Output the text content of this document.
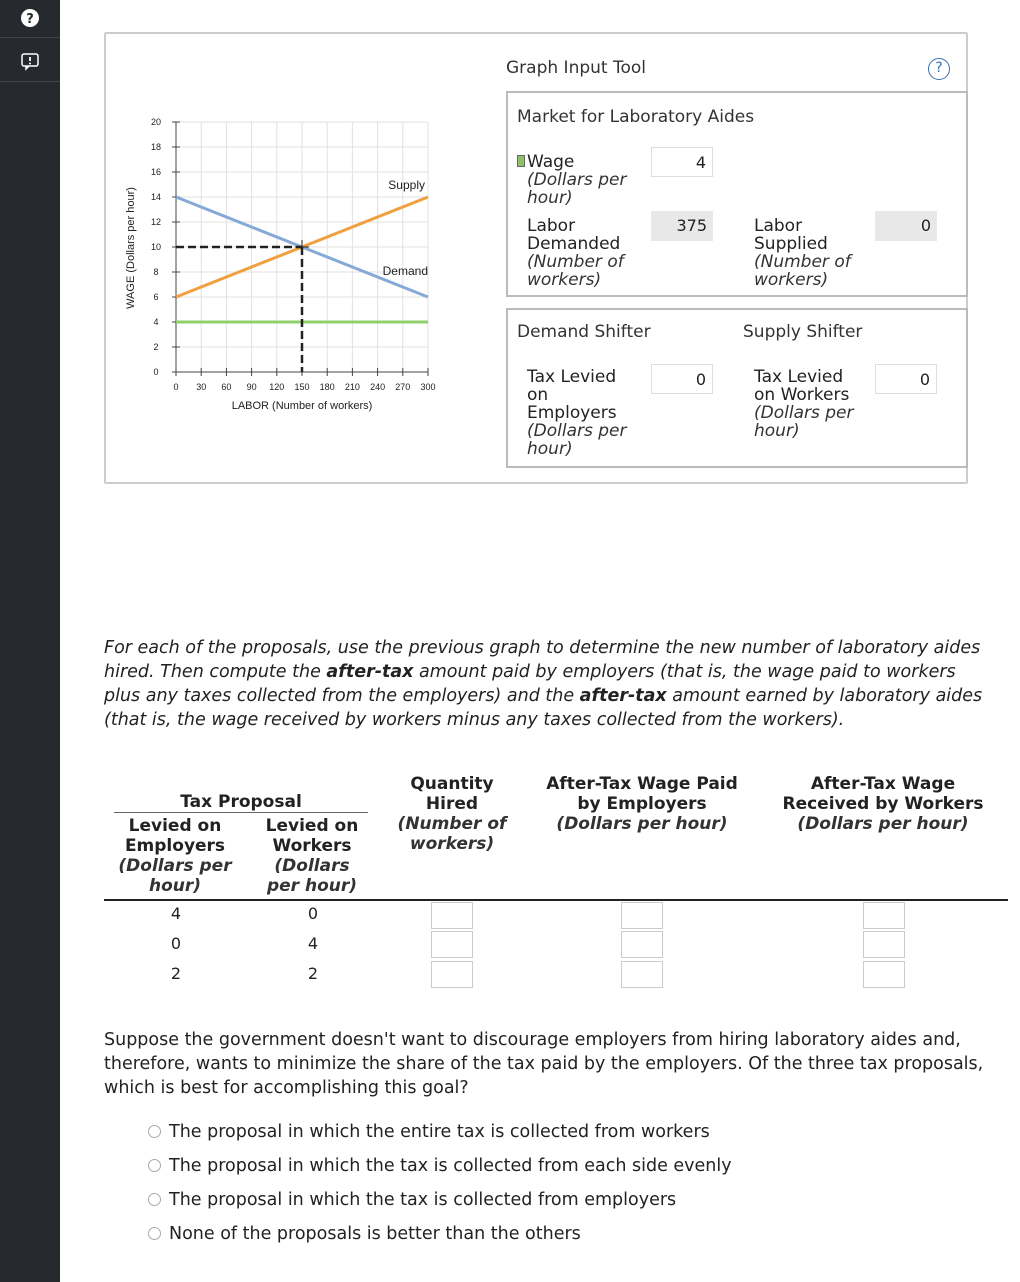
?
0
2
4
6
8
10
12
14
16
18
20
0 30 60 90 120 150 180 210 240 270 300
Supply
Demand
WAGE (Dollars per hour)
LABOR (Number of workers)
Graph Input Tool	?
Market for Laboratory Aides
Wage
(Dollars per
hour)
4
Labor
Demanded
(Number of
workers)
375	Labor
Supplied
(Number of
workers)
0
Demand Shifter	Supply Shifter
Tax Levied
on
Employers
(Dollars per
hour)
0	Tax Levied
on Workers
(Dollars per
hour)
0
For each of the proposals, use the previous graph to determine the new number of laboratory aides hired. Then compute the after-tax amount paid by employers (that is, the wage paid to workers plus any taxes collected from the employers) and the after-tax amount earned by laboratory aides (that is, the wage received by workers minus any taxes collected from the workers).
Tax Proposal
Levied on
Employers
(Dollars per
hour)
Levied on
Workers
(Dollars
per hour)
Quantity
Hired
(Number of
workers)
After-Tax Wage Paid
by Employers
(Dollars per hour)
After-Tax Wage
Received by Workers
(Dollars per hour)
4	0
0	4
2	2
Suppose the government doesn't want to discourage employers from hiring laboratory aides and, therefore, wants to minimize the share of the tax paid by the employers. Of the three tax proposals, which is best for accomplishing this goal?
The proposal in which the entire tax is collected from workers
The proposal in which the tax is collected from each side evenly
The proposal in which the tax is collected from employers
None of the proposals is better than the others
